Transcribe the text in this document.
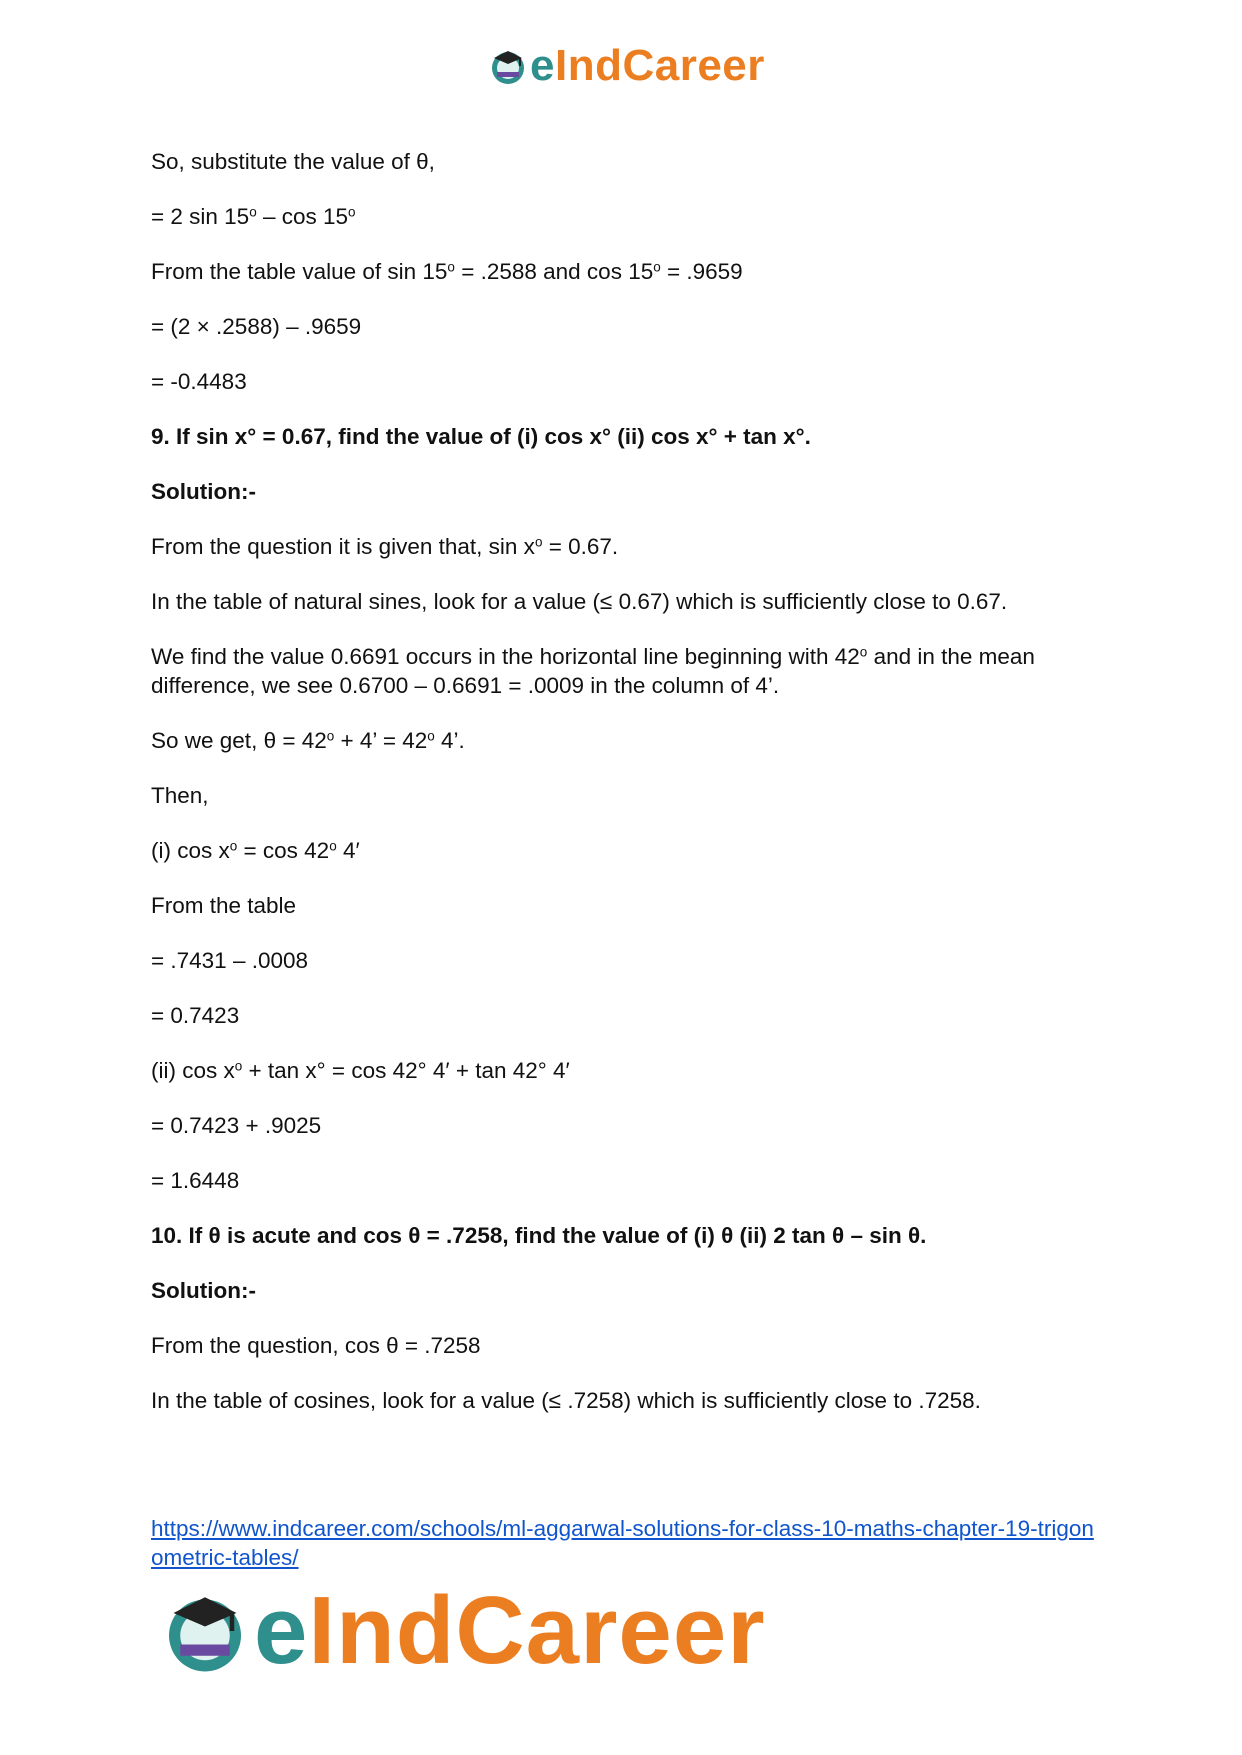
eIndCareer

So, substitute the value of θ,

= 2 sin 15$^o$ – cos 15$^o$

From the table value of $\sin 15^o = .2588$ and $\cos 15^o = .9659$

= (2 × .2588) – .9659

= -0.4483

9. If sin x° = 0.67, find the value of (i) cos x° (ii) cos x° + tan x°.

Solution:-

From the question it is given that, $\sin x^o = 0.67$.

In the table of natural sines, look for a value (≤ 0.67) which is sufficiently close to 0.67.

We find the value 0.6691 occurs in the horizontal line beginning with 42$^o$ and in the mean difference, we see 0.6700 – 0.6691 = .0009 in the column of 4’.

So we get, $\theta = 42^o + 4$’ = $42^o$ 4’.

Then,

(i) $\cos x^o = \cos 42^o$ 4′

From the table

= .7431 – .0008

= 0.7423

(ii) $\cos x^o + \tan x^\circ = \cos 42^\circ$ 4′ + tan 42° 4′

= 0.7423 + .9025

= 1.6448

10. If θ is acute and cos θ = .7258, find the value of (i) θ (ii) 2 tan θ – sin θ.

Solution:-

From the question, cos θ = .7258

In the table of cosines, look for a value (≤ .7258) which is sufficiently close to .7258.

https://www.indcareer.com/schools/ml-aggarwal-solutions-for-class-10-maths-chapter-19-trigonometric-tables/
eIndCareer
